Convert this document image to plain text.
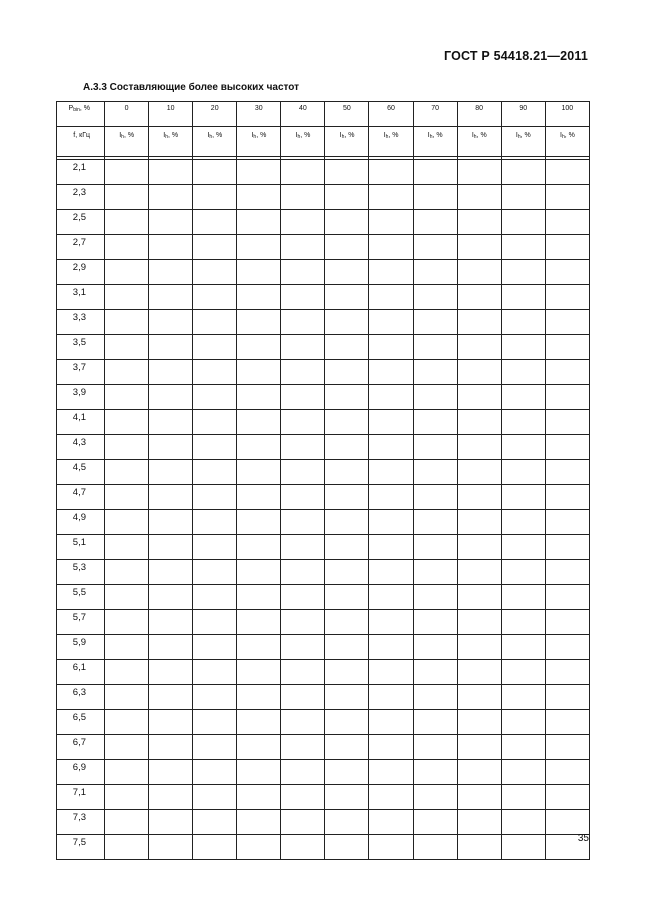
ГОСТ Р 54418.21—2011
А.3.3 Составляющие более высоких частот
$P_{bin}$, %	0	10	20	30	40	50	60	70	80	90	100
f, кГц	$I_h$, %	$I_h$, %	$I_h$, %	$I_h$, %	$I_h$, %	$I_h$, %	$I_h$, %	$I_h$, %	$I_h$, %	$I_h$, %	$I_h$, %

2,1											
2,3											
2,5											
2,7											
2,9											
3,1											
3,3											
3,5											
3,7											
3,9											
4,1											
4,3											
4,5											
4,7											
4,9											
5,1											
5,3											
5,5											
5,7											
5,9											
6,1											
6,3											
6,5											
6,7											
6,9											
7,1											
7,3											
7,5												35
